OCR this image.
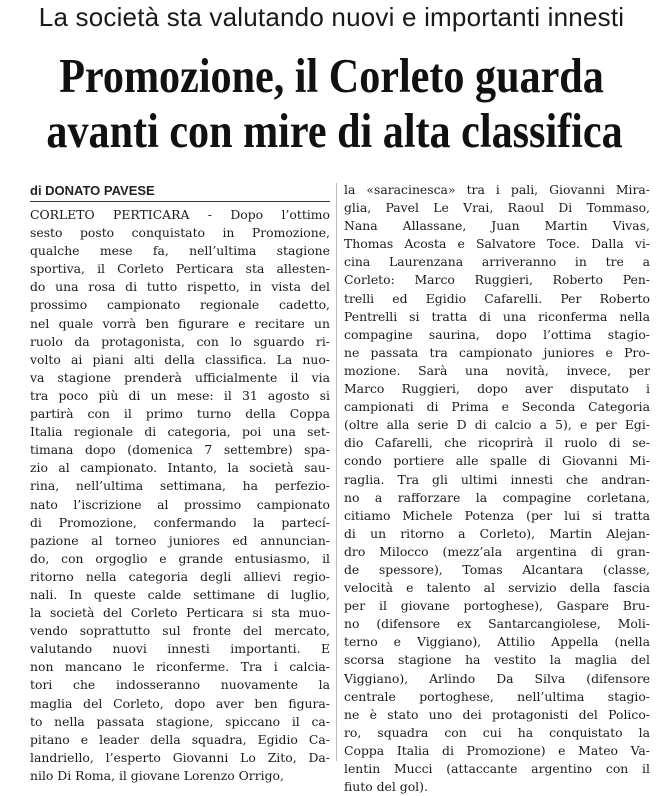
La società sta valutando nuovi e importanti innesti
Promozione, il Corleto guarda
avanti con mire di alta classifica
di DONATO PAVESE
CORLETO PERTICARA - Dopo l’ottimo
sesto posto conquistato in Promozione,
qualche mese fa, nell’ultima stagione
sportiva, il Corleto Perticara sta allesten-
do una rosa di tutto rispetto, in vista del
prossimo campionato regionale cadetto,
nel quale vorrà ben figurare e recitare un
ruolo da protagonista, con lo sguardo ri-
volto ai piani alti della classifica. La nuo-
va stagione prenderà ufficialmente il via
tra poco più di un mese: il 31 agosto si
partirà con il primo turno della Coppa
Italia regionale di categoria, poi una set-
timana dopo (domenica 7 settembre) spa-
zio al campionato. Intanto, la società sau-
rina, nell’ultima settimana, ha perfezio-
nato l’iscrizione al prossimo campionato
di Promozione, confermando la partecí-
pazione al torneo juniores ed annuncian-
do, con orgoglio e grande entusiasmo, il
ritorno nella categoria degli allievi regio-
nali. In queste calde settimane di luglio,
la società del Corleto Perticara si sta muo-
vendo soprattutto sul fronte del mercato,
valutando nuovi innesti importanti. E
non mancano le riconferme. Tra i calcia-
tori che indosseranno nuovamente la
maglia del Corleto, dopo aver ben figura-
to nella passata stagione, spiccano il ca-
pitano e leader della squadra, Egidio Ca-
landriello, l’esperto Giovanni Lo Zito, Da-
nilo Di Roma, il giovane Lorenzo Orrigo,
la «saracinesca» tra i pali, Giovanni Mira-
glia, Pavel Le Vrai, Raoul Di Tommaso,
Nana Allassane, Juan Martin Vivas,
Thomas Acosta e Salvatore Toce. Dalla vi-
cina Laurenzana arriveranno in tre a
Corleto: Marco Ruggieri, Roberto Pen-
trelli ed Egidio Cafarelli. Per Roberto
Pentrelli si tratta di una riconferma nella
compagine saurina, dopo l’ottima stagio-
ne passata tra campionato juniores e Pro-
mozione. Sarà una novità, invece, per
Marco Ruggieri, dopo aver disputato i
campionati di Prima e Seconda Categoria
(oltre alla serie D di calcio a 5), e per Egi-
dio Cafarelli, che ricoprirà il ruolo di se-
condo portiere alle spalle di Giovanni Mi-
raglia. Tra gli ultimi innesti che andran-
no a rafforzare la compagine corletana,
citiamo Michele Potenza (per lui si tratta
di un ritorno a Corleto), Martin Alejan-
dro Milocco (mezz’ala argentina di gran-
de spessore), Tomas Alcantara (classe,
velocità e talento al servizio della fascia
per il giovane portoghese), Gaspare Bru-
no (difensore ex Santarcangiolese, Moli-
terno e Viggiano), Attilio Appella (nella
scorsa stagione ha vestito la maglia del
Viggiano), Arlindo Da Silva (difensore
centrale portoghese, nell’ultima stagio-
ne è stato uno dei protagonisti del Polico-
ro, squadra con cui ha conquistato la
Coppa Italia di Promozione) e Mateo Va-
lentin Mucci (attaccante argentino con il
fiuto del gol).
